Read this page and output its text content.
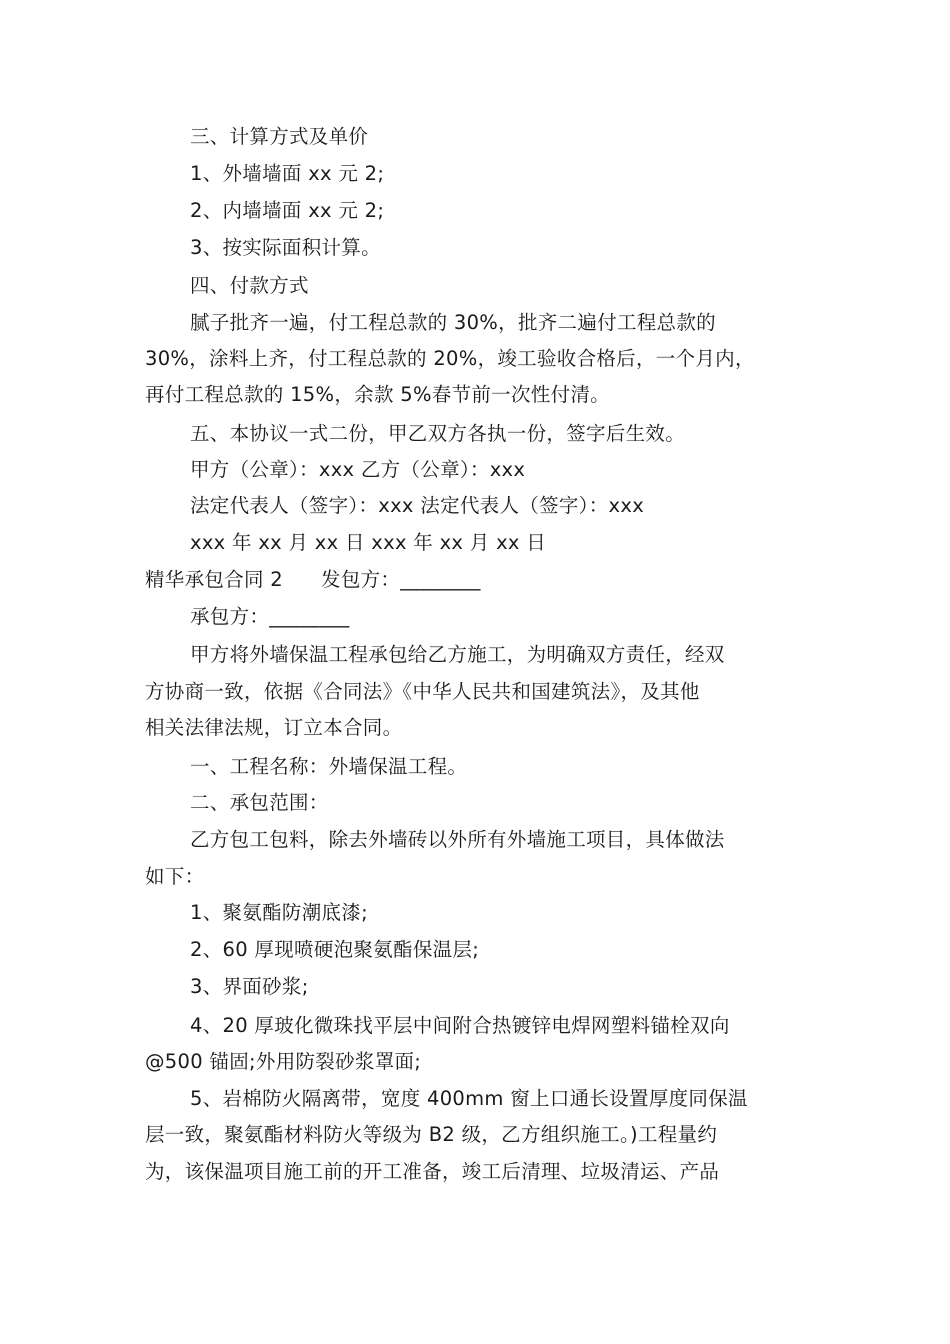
三、计算方式及单价
1、外墙墙面 xx 元 2;
2、内墙墙面 xx 元 2;
3、按实际面积计算。
四、付款方式
腻子批齐一遍，付工程总款的 30%，批齐二遍付工程总款的
30%，涂料上齐，付工程总款的 20%，竣工验收合格后，一个月内，
再付工程总款的 15%，余款 5%春节前一次性付清。
五、本协议一式二份，甲乙双方各执一份，签字后生效。
甲方（公章）：xxx 乙方（公章）：xxx
法定代表人（签字）：xxx 法定代表人（签字）：xxx
xxx 年 xx 月 xx 日 xxx 年 xx 月 xx 日
精华承包合同 2 发包方：________
承包方：________
甲方将外墙保温工程承包给乙方施工，为明确双方责任，经双
方协商一致，依据《合同法》《中华人民共和国建筑法》，及其他
相关法律法规，订立本合同。
一、工程名称：外墙保温工程。
二、承包范围：
乙方包工包料，除去外墙砖以外所有外墙施工项目，具体做法
如下：
1、聚氨酯防潮底漆;
2、60 厚现喷硬泡聚氨酯保温层;
3、界面砂浆;
4、20 厚玻化微珠找平层中间附合热镀锌电焊网塑料锚栓双向
@500 锚固;外用防裂砂浆罩面;
5、岩棉防火隔离带，宽度 400mm 窗上口通长设置厚度同保温
层一致，聚氨酯材料防火等级为 B2 级，乙方组织施工。)工程量约
为，该保温项目施工前的开工准备，竣工后清理、垃圾清运、产品
